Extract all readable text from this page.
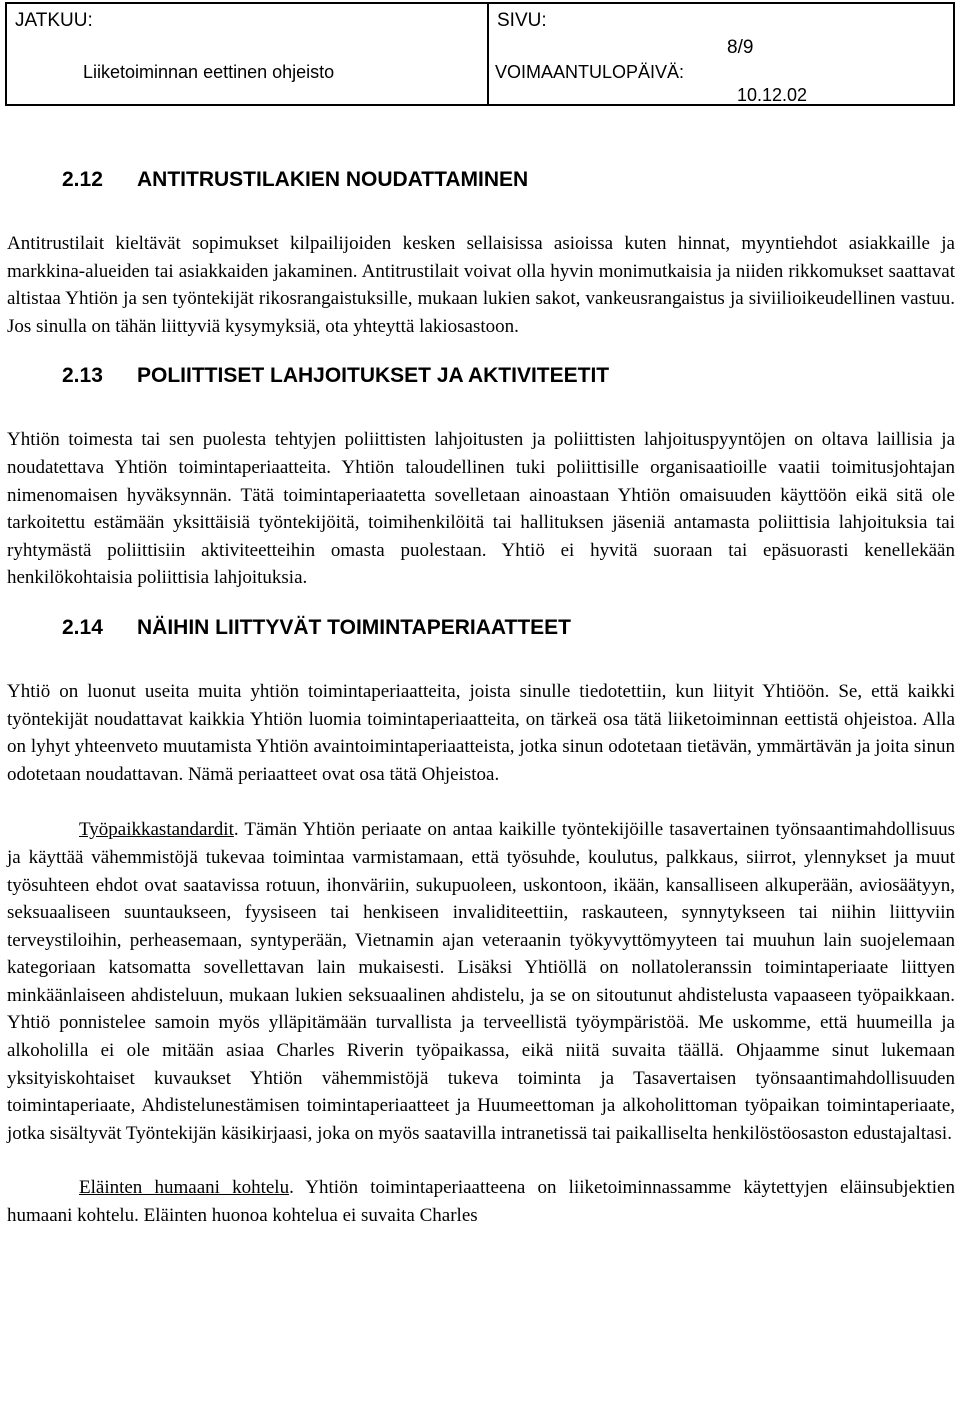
JATKUU:
Liiketoiminnan eettinen ohjeisto
SIVU:
8/9
VOIMAANTULOPÄIVÄ:
10.12.02
2.12 ANTITRUSTILAKIEN NOUDATTAMINEN

Antitrustilait kieltävät sopimukset kilpailijoiden kesken sellaisissa asioissa kuten hinnat, myyntiehdot asiakkaille ja markkina-alueiden tai asiakkaiden jakaminen. Antitrustilait voivat olla hyvin monimutkaisia ja niiden rikkomukset saattavat altistaa Yhtiön ja sen työntekijät rikosrangaistuksille, mukaan lukien sakot, vankeusrangaistus ja siviilioikeudellinen vastuu. Jos sinulla on tähän liittyviä kysymyksiä, ota yhteyttä lakiosastoon.

2.13 POLIITTISET LAHJOITUKSET JA AKTIVITEETIT

Yhtiön toimesta tai sen puolesta tehtyjen poliittisten lahjoitusten ja poliittisten lahjoituspyyntöjen on oltava laillisia ja noudatettava Yhtiön toimintaperiaatteita. Yhtiön taloudellinen tuki poliittisille organisaatioille vaatii toimitusjohtajan nimenomaisen hyväksynnän. Tätä toimintaperiaatetta sovelletaan ainoastaan Yhtiön omaisuuden käyttöön eikä sitä ole tarkoitettu estämään yksittäisiä työntekijöitä, toimihenkilöitä tai hallituksen jäseniä antamasta poliittisia lahjoituksia tai ryhtymästä poliittisiin aktiviteetteihin omasta puolestaan. Yhtiö ei hyvitä suoraan tai epäsuorasti kenellekään henkilökohtaisia poliittisia lahjoituksia.

2.14 NÄIHIN LIITTYVÄT TOIMINTAPERIAATTEET

Yhtiö on luonut useita muita yhtiön toimintaperiaatteita, joista sinulle tiedotettiin, kun liityit Yhtiöön. Se, että kaikki työntekijät noudattavat kaikkia Yhtiön luomia toimintaperiaatteita, on tärkeä osa tätä liiketoiminnan eettistä ohjeistoa. Alla on lyhyt yhteenveto muutamista Yhtiön avaintoimintaperiaatteista, jotka sinun odotetaan tietävän, ymmärtävän ja joita sinun odotetaan noudattavan. Nämä periaatteet ovat osa tätä Ohjeistoa.

Työpaikkastandardit. Tämän Yhtiön periaate on antaa kaikille työntekijöille tasavertainen työnsaantimahdollisuus ja käyttää vähemmistöjä tukevaa toimintaa varmistamaan, että työsuhde, koulutus, palkkaus, siirrot, ylennykset ja muut työsuhteen ehdot ovat saatavissa rotuun, ihonväriin, sukupuoleen, uskontoon, ikään, kansalliseen alkuperään, aviosäätyyn, seksuaaliseen suuntaukseen, fyysiseen tai henkiseen invaliditeettiin, raskauteen, synnytykseen tai niihin liittyviin terveystiloihin, perheasemaan, syntyperään, Vietnamin ajan veteraanin työkyvyttömyyteen tai muuhun lain suojelemaan kategoriaan katsomatta sovellettavan lain mukaisesti. Lisäksi Yhtiöllä on nollatoleranssin toimintaperiaate liittyen minkäänlaiseen ahdisteluun, mukaan lukien seksuaalinen ahdistelu, ja se on sitoutunut ahdistelusta vapaaseen työpaikkaan. Yhtiö ponnistelee samoin myös ylläpitämään turvallista ja terveellistä työympäristöä. Me uskomme, että huumeilla ja alkoholilla ei ole mitään asiaa Charles Riverin työpaikassa, eikä niitä suvaita täällä. Ohjaamme sinut lukemaan yksityiskohtaiset kuvaukset Yhtiön vähemmistöjä tukeva toiminta ja Tasavertaisen työnsaantimahdollisuuden toimintaperiaate, Ahdistelunestämisen toimintaperiaatteet ja Huumeettoman ja alkoholittoman työpaikan toimintaperiaate, jotka sisältyvät Työntekijän käsikirjaasi, joka on myös saatavilla intranetissä tai paikalliselta henkilöstöosaston edustajaltasi.

Eläinten humaani kohtelu. Yhtiön toimintaperiaatteena on liiketoiminnassamme käytettyjen eläinsubjektien humaani kohtelu. Eläinten huonoa kohtelua ei suvaita Charles
